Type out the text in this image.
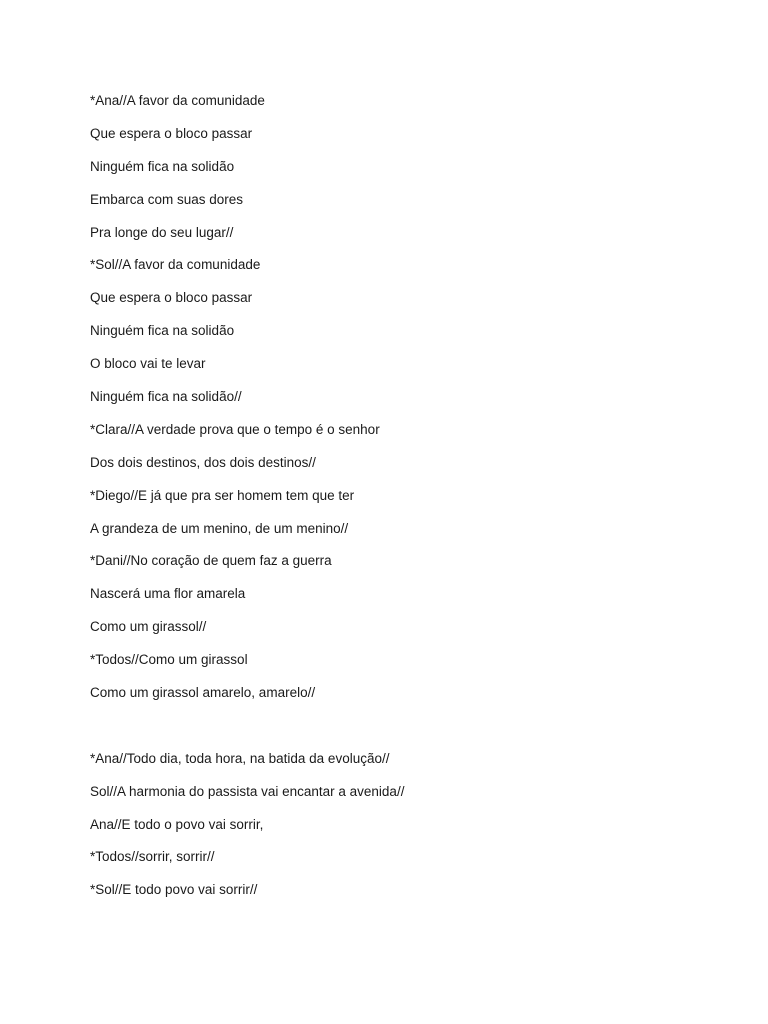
*Ana//A favor da comunidade
Que espera o bloco passar
Ninguém fica na solidão
Embarca com suas dores
Pra longe do seu lugar//
*Sol//A favor da comunidade
Que espera o bloco passar
Ninguém fica na solidão
O bloco vai te levar
Ninguém fica na solidão//
*Clara//A verdade prova que o tempo é o senhor
Dos dois destinos, dos dois destinos//
*Diego//E já que pra ser homem tem que ter
A grandeza de um menino, de um menino//
*Dani//No coração de quem faz a guerra
Nascerá uma flor amarela
Como um girassol//
*Todos//Como um girassol
Como um girassol amarelo, amarelo//
*Ana//Todo dia, toda hora, na batida da evolução//
Sol//A harmonia do passista vai encantar a avenida//
Ana//E todo o povo vai sorrir,
*Todos//sorrir, sorrir//
*Sol//E todo povo vai sorrir//
